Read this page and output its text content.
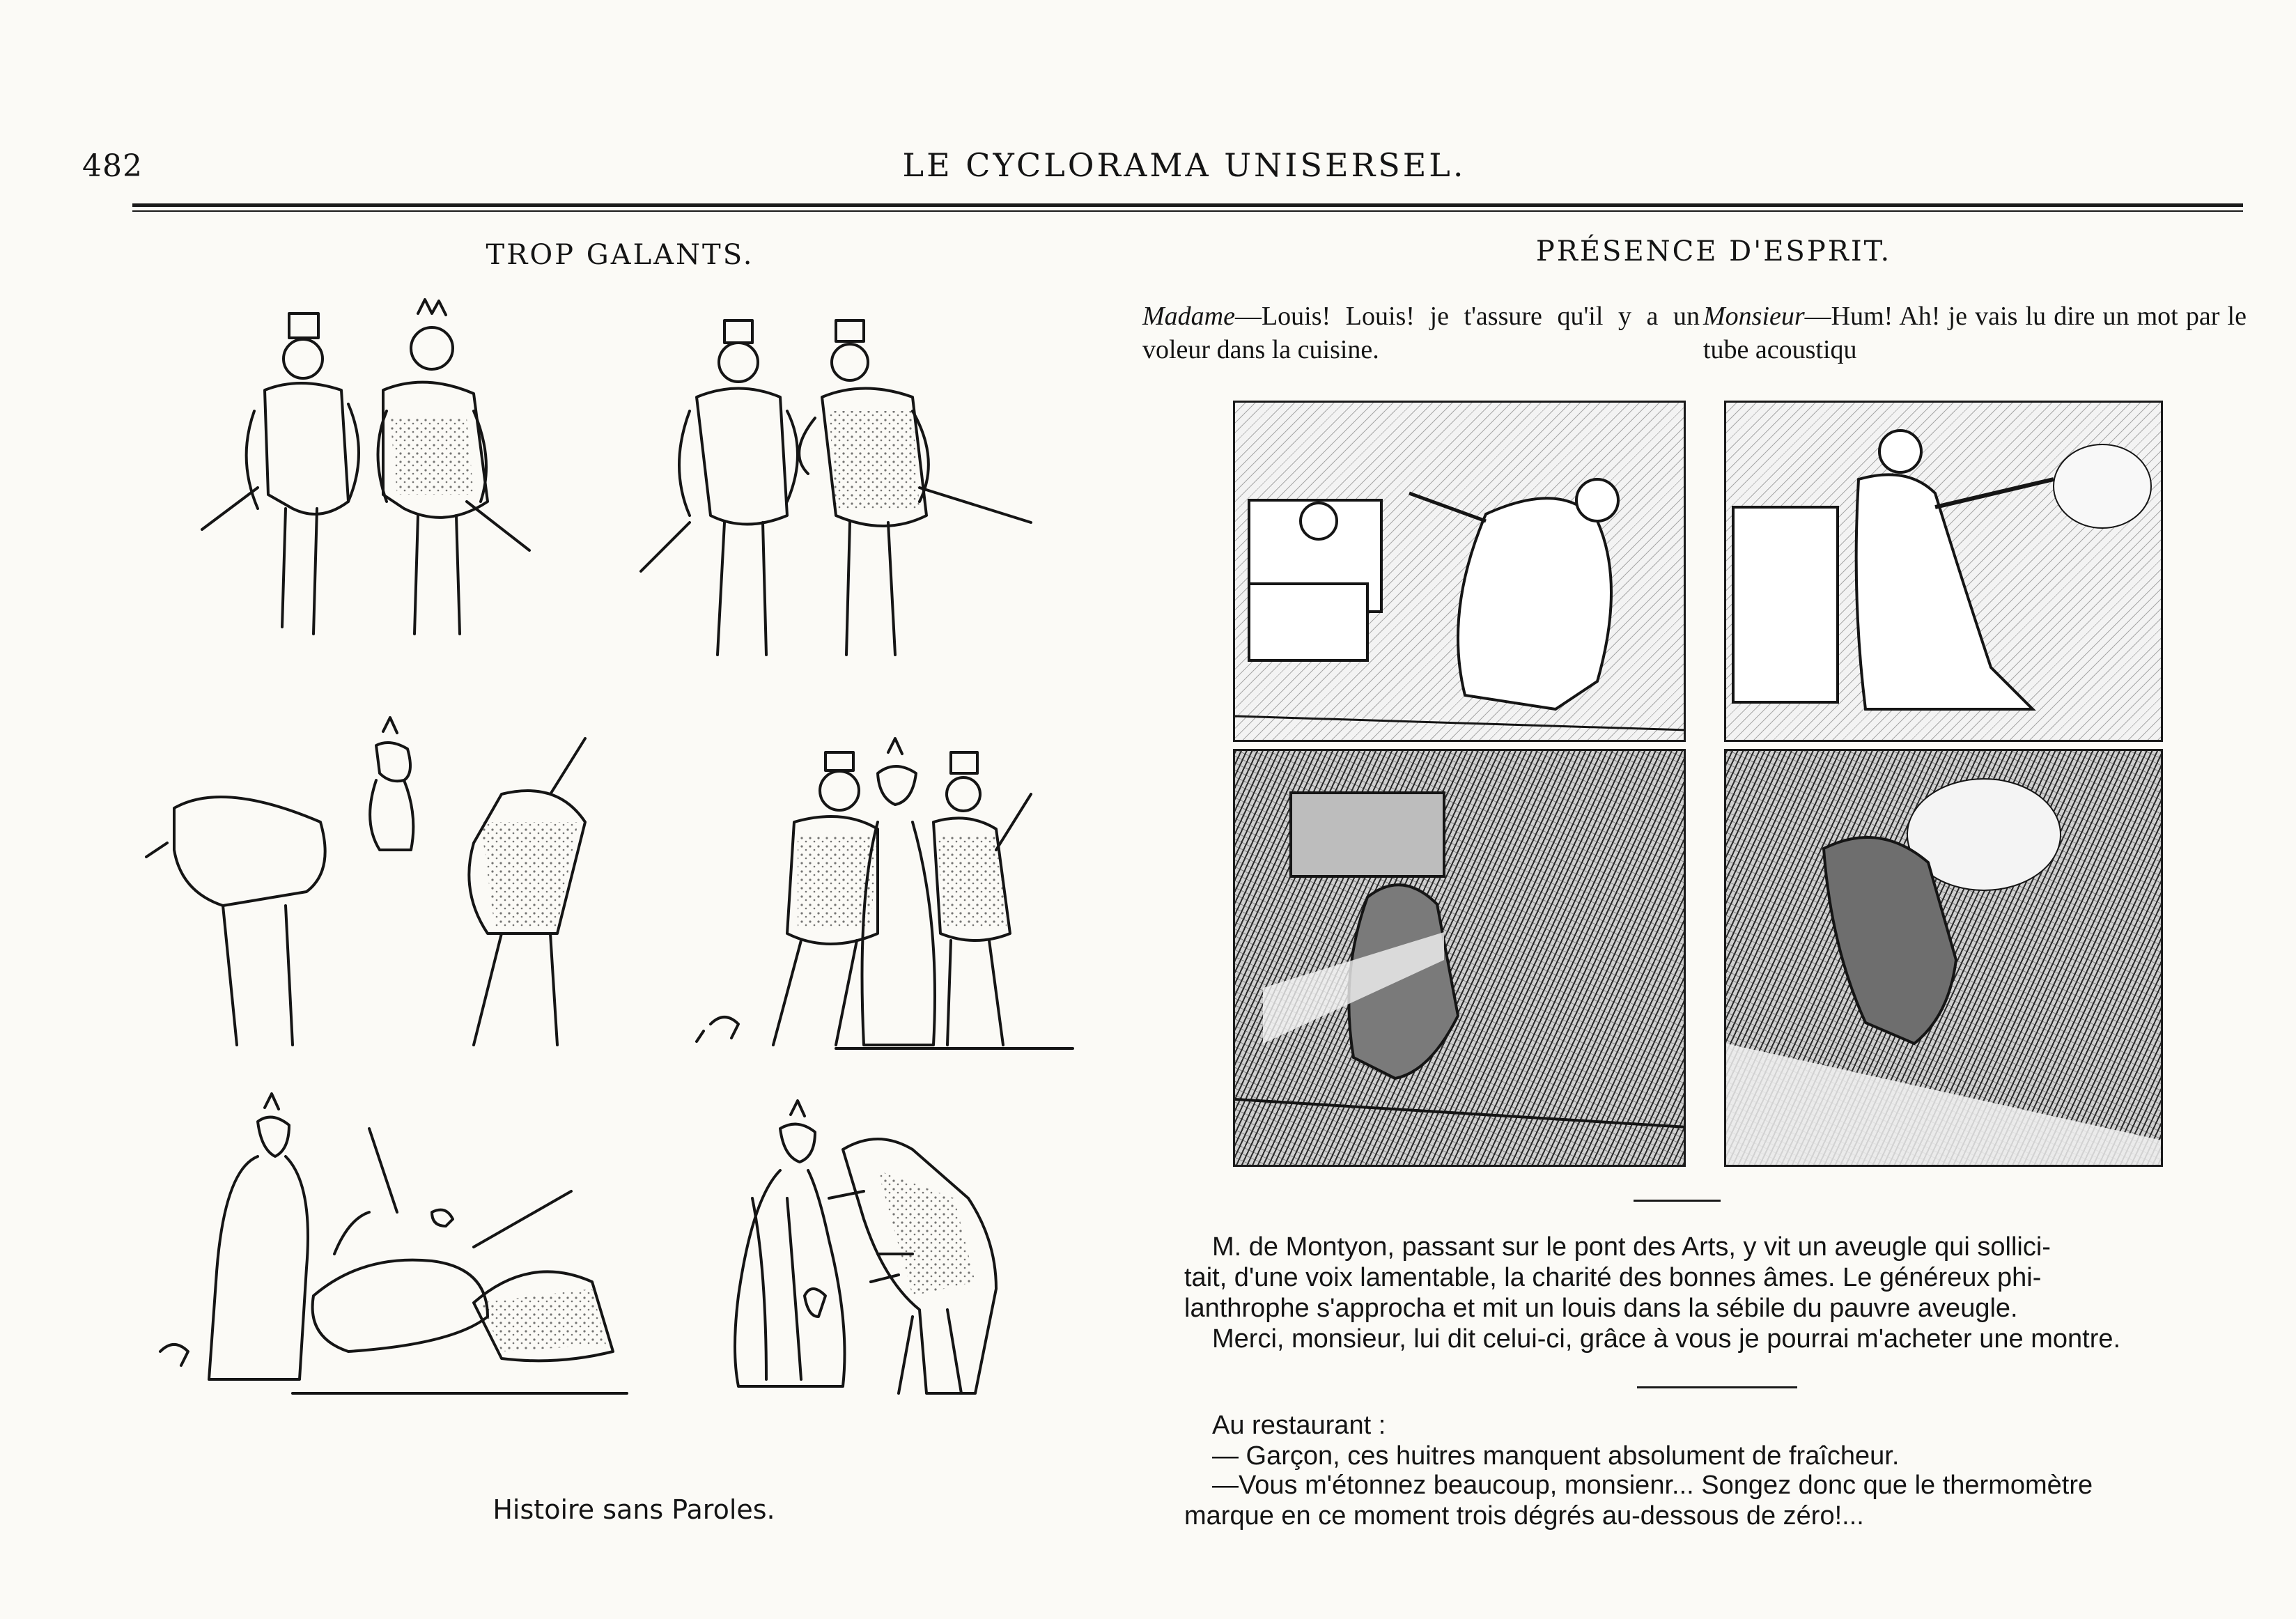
482	LE CYCLORAMA UNISERSEL.
TROP GALANTS.
Histoire sans Paroles.
PRÉSENCE D'ESPRIT.
Madame—Louis! Louis! je t'assure qu'il y a un voleur dans la cuisine.
Monsieur—Hum! Ah! je vais lu dire un mot par le tube acoustiqu
M. de Montyon, passant sur le pont des Arts, y vit un aveugle qui sollici-
tait, d'une voix lamentable, la charité des bonnes âmes. Le généreux phi-
lanthrophe s'approcha et mit un louis dans la sébile du pauvre aveugle.
Merci, monsieur, lui dit celui-ci, grâce à vous je pourrai m'acheter une montre.
Au restaurant :
— Garçon, ces huitres manquent absolument de fraîcheur.
—Vous m'étonnez beaucoup, monsienr... Songez donc que le thermomètre
marque en ce moment trois dégrés au-dessous de zéro!...
